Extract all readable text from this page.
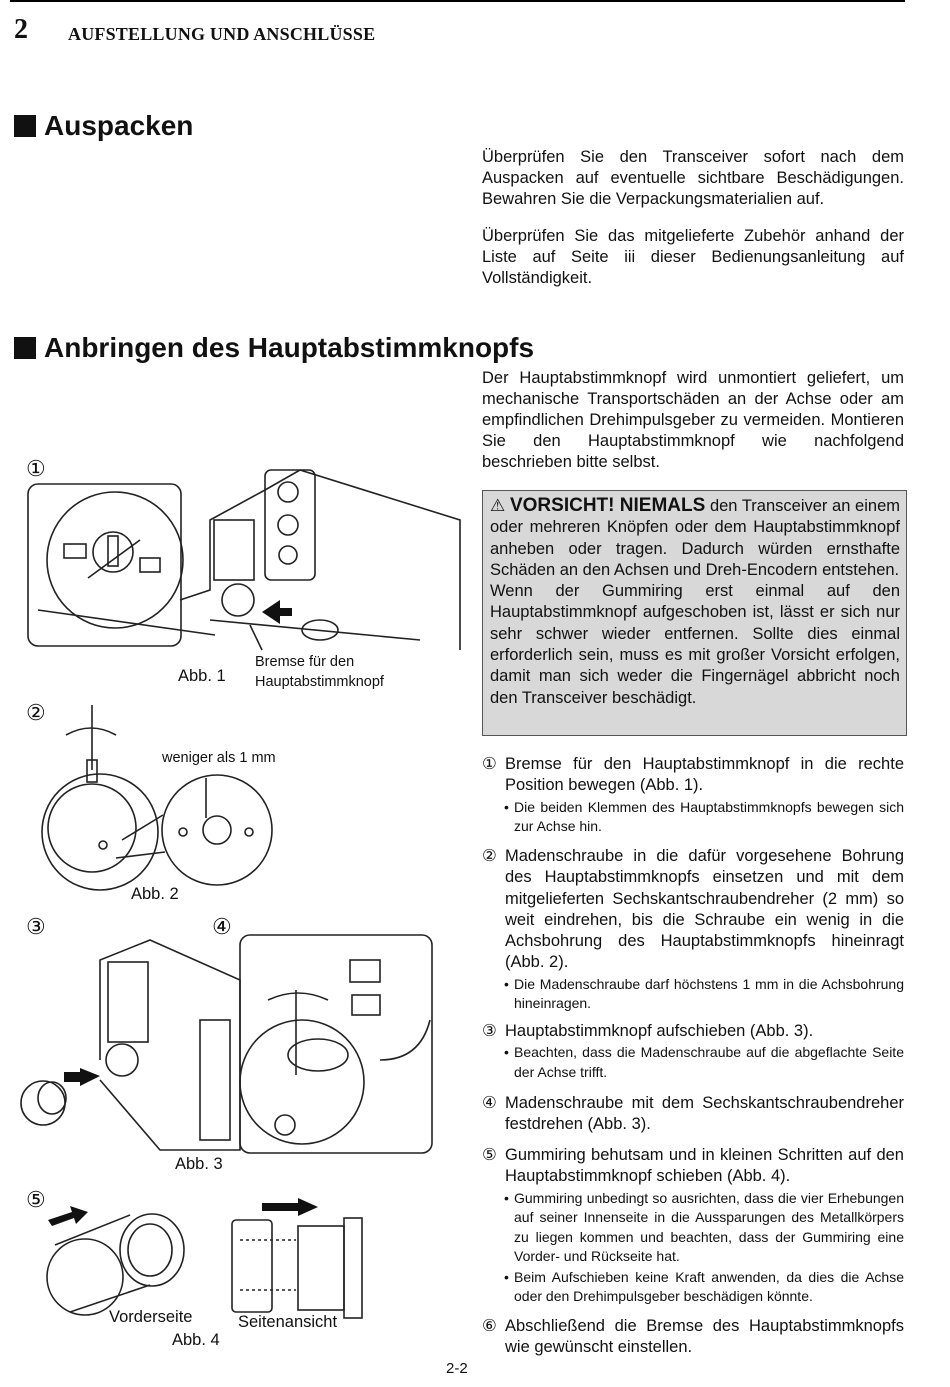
2 AUFSTELLUNG UND ANSCHLÜSSE
Auspacken
Überprüfen Sie den Transceiver sofort nach dem Auspacken auf eventuelle sichtbare Beschädigungen. Bewahren Sie die Verpackungsmaterialien auf.
Überprüfen Sie das mitgelieferte Zubehör anhand der Liste auf Seite iii dieser Bedienungsanleitung auf Vollständigkeit.
Anbringen des Hauptabstimmknopfs
Der Hauptabstimmknopf wird unmontiert geliefert, um mechanische Transportschäden an der Achse oder am empfindlichen Drehimpulsgeber zu vermeiden. Montieren Sie den Hauptabstimmknopf wie nachfolgend beschrieben bitte selbst.
⚠ VORSICHT! NIEMALS den Transceiver an einem oder mehreren Knöpfen oder dem Hauptabstimmknopf anheben oder tragen. Dadurch würden ernsthafte Schäden an den Achsen und Dreh-Encodern entstehen.
Wenn der Gummiring erst einmal auf den Hauptabstimmknopf aufgeschoben ist, lässt er sich nur sehr schwer wieder entfernen. Sollte dies einmal erforderlich sein, muss es mit großer Vorsicht erfolgen, damit man sich weder die Fingernägel abbricht noch den Transceiver beschädigt.
① Bremse für den Hauptabstimmknopf in die rechte Position bewegen (Abb. 1).
• Die beiden Klemmen des Hauptabstimmknopfs bewegen sich zur Achse hin.
② Madenschraube in die dafür vorgesehene Bohrung des Hauptabstimmknopfs einsetzen und mit dem mitgelieferten Sechskantschraubendreher (2 mm) so weit eindrehen, bis die Schraube ein wenig in die Achsbohrung des Hauptabstimmknopfs hineinragt (Abb. 2).
• Die Madenschraube darf höchstens 1 mm in die Achsbohrung hineinragen.
③ Hauptabstimmknopf aufschieben (Abb. 3).
• Beachten, dass die Madenschraube auf die abgeflachte Seite der Achse trifft.
④ Madenschraube mit dem Sechskantschraubendreher festdrehen (Abb. 3).
⑤ Gummiring behutsam und in kleinen Schritten auf den Hauptabstimmknopf schieben (Abb. 4).
• Gummiring unbedingt so ausrichten, dass die vier Erhebungen auf seiner Innenseite in die Aussparungen des Metallkörpers zu liegen kommen und beachten, dass der Gummiring eine Vorder- und Rückseite hat.
• Beim Aufschieben keine Kraft anwenden, da dies die Achse oder den Drehimpulsgeber beschädigen könnte.
⑥ Abschließend die Bremse des Hauptabstimmknopfs wie gewünscht einstellen.
①
Abb. 1
Bremse für den
Hauptabstimmknopf
②
weniger als 1 mm
Abb. 2
③	④
Abb. 3
⑤
Vorderseite	Seitenansicht
Abb. 4
2-2
